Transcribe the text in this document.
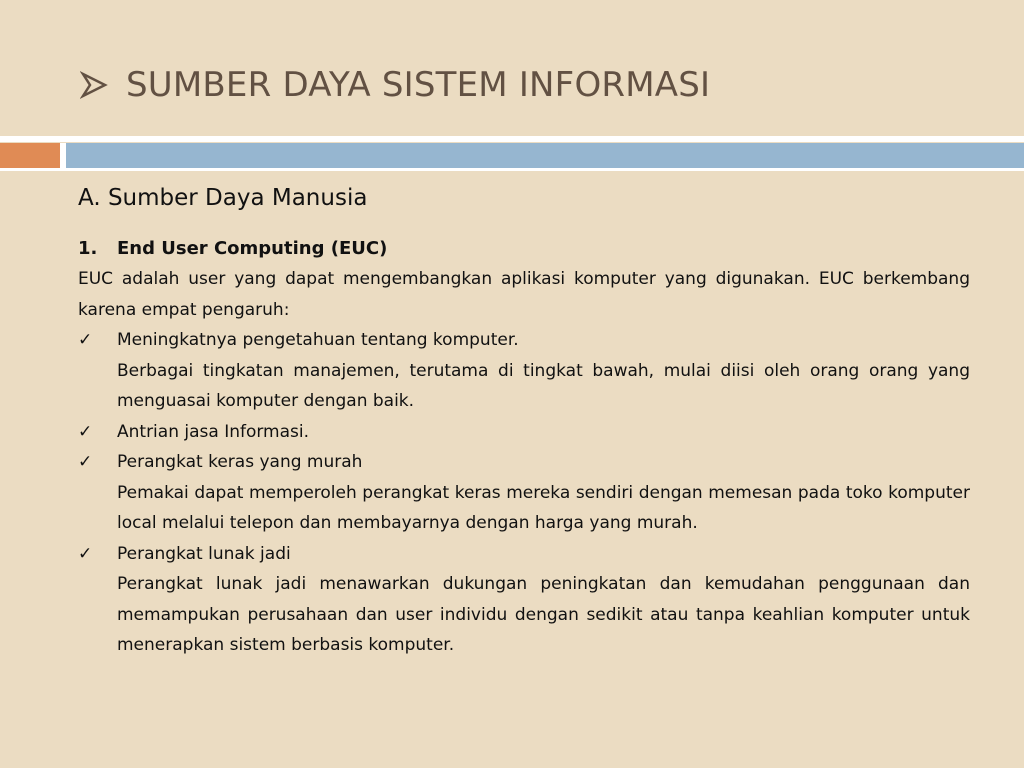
SUMBER DAYA SISTEM INFORMASI
A. Sumber Daya Manusia
1.	End User Computing (EUC)

EUC adalah user yang dapat mengembangkan aplikasi komputer yang digunakan. EUC berkembang karena empat pengaruh:

✓	Meningkatnya pengetahuan tentang komputer.

Berbagai tingkatan manajemen, terutama di tingkat bawah, mulai diisi oleh orang orang yang menguasai komputer dengan baik.

✓	Antrian jasa Informasi.
✓	Perangkat keras yang murah

Pemakai dapat memperoleh perangkat keras mereka sendiri dengan memesan pada toko komputer local melalui telepon dan membayarnya dengan harga yang murah.

✓	Perangkat lunak jadi

Perangkat lunak jadi menawarkan dukungan peningkatan dan kemudahan penggunaan dan memampukan perusahaan dan user individu dengan sedikit atau tanpa keahlian komputer untuk menerapkan sistem berbasis komputer.
